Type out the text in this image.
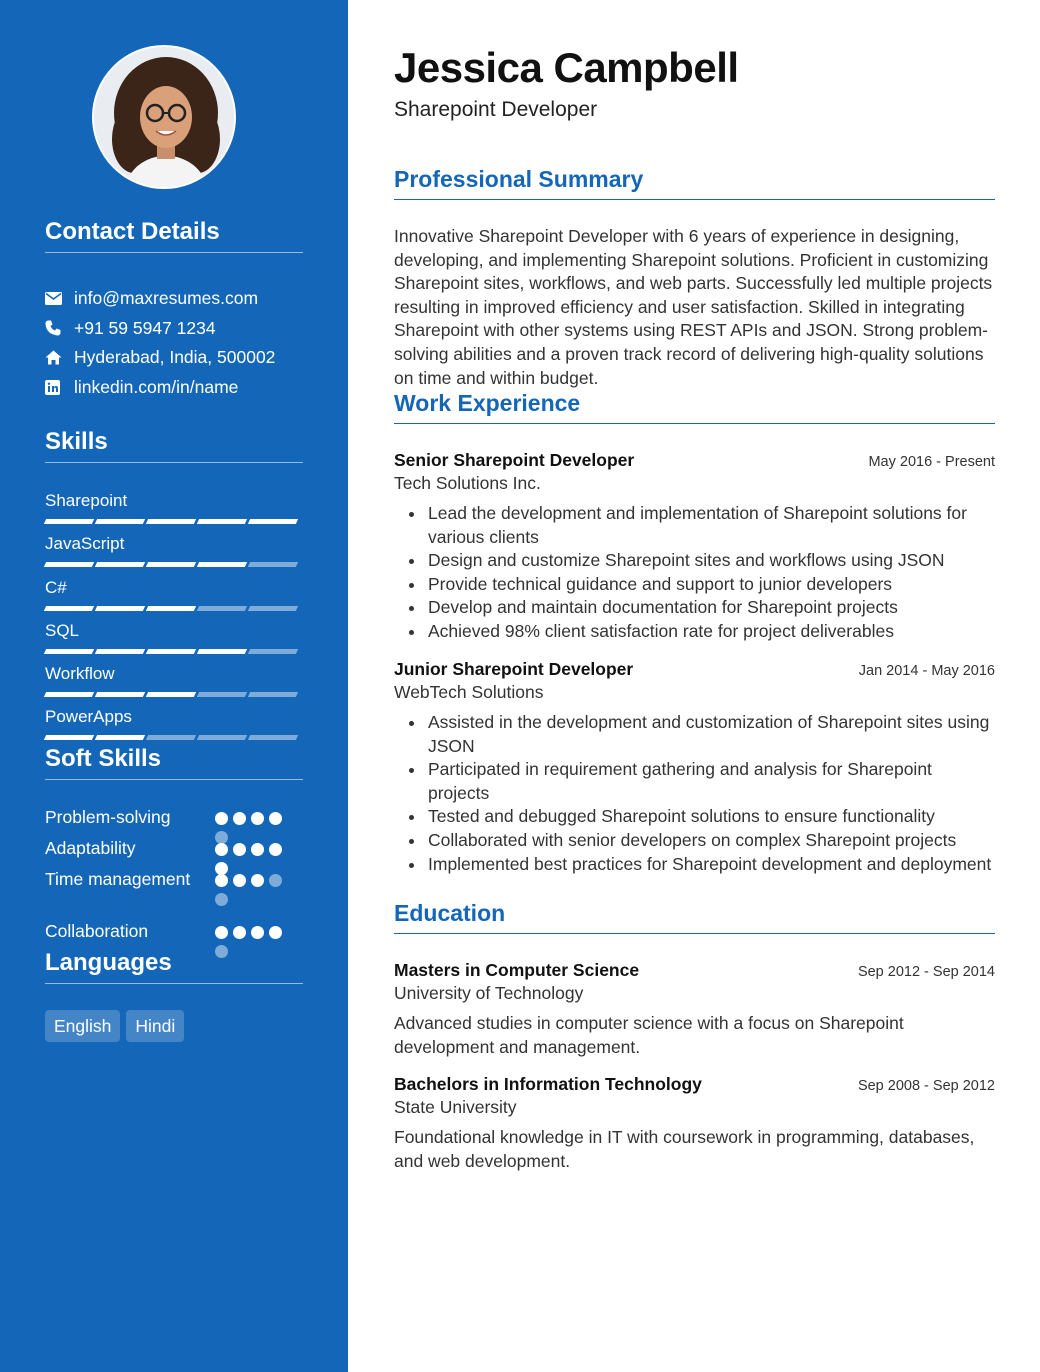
Contact Details
info@maxresumes.com
+91 59 5947 1234
Hyderabad, India, 500002
linkedin.com/in/name
Skills
Sharepoint
JavaScript
C#
SQL
Workflow
PowerApps
Soft Skills
Problem-solving
Adaptability
Time management
Collaboration
Languages
English	Hindi
Jessica Campbell
Sharepoint Developer
Professional Summary
Innovative Sharepoint Developer with 6 years of experience in designing, developing, and implementing Sharepoint solutions. Proficient in customizing Sharepoint sites, workflows, and web parts. Successfully led multiple projects resulting in improved efficiency and user satisfaction. Skilled in integrating Sharepoint with other systems using REST APIs and JSON. Strong problem-solving abilities and a proven track record of delivering high-quality solutions on time and within budget.
Work Experience
Senior Sharepoint Developer	May 2016 - Present
Tech Solutions Inc.
• Lead the development and implementation of Sharepoint solutions for various clients
• Design and customize Sharepoint sites and workflows using JSON
• Provide technical guidance and support to junior developers
• Develop and maintain documentation for Sharepoint projects
• Achieved 98% client satisfaction rate for project deliverables
Junior Sharepoint Developer	Jan 2014 - May 2016
WebTech Solutions
• Assisted in the development and customization of Sharepoint sites using JSON
• Participated in requirement gathering and analysis for Sharepoint projects
• Tested and debugged Sharepoint solutions to ensure functionality
• Collaborated with senior developers on complex Sharepoint projects
• Implemented best practices for Sharepoint development and deployment
Education
Masters in Computer Science	Sep 2012 - Sep 2014
University of Technology
Advanced studies in computer science with a focus on Sharepoint development and management.
Bachelors in Information Technology	Sep 2008 - Sep 2012
State University
Foundational knowledge in IT with coursework in programming, databases, and web development.
